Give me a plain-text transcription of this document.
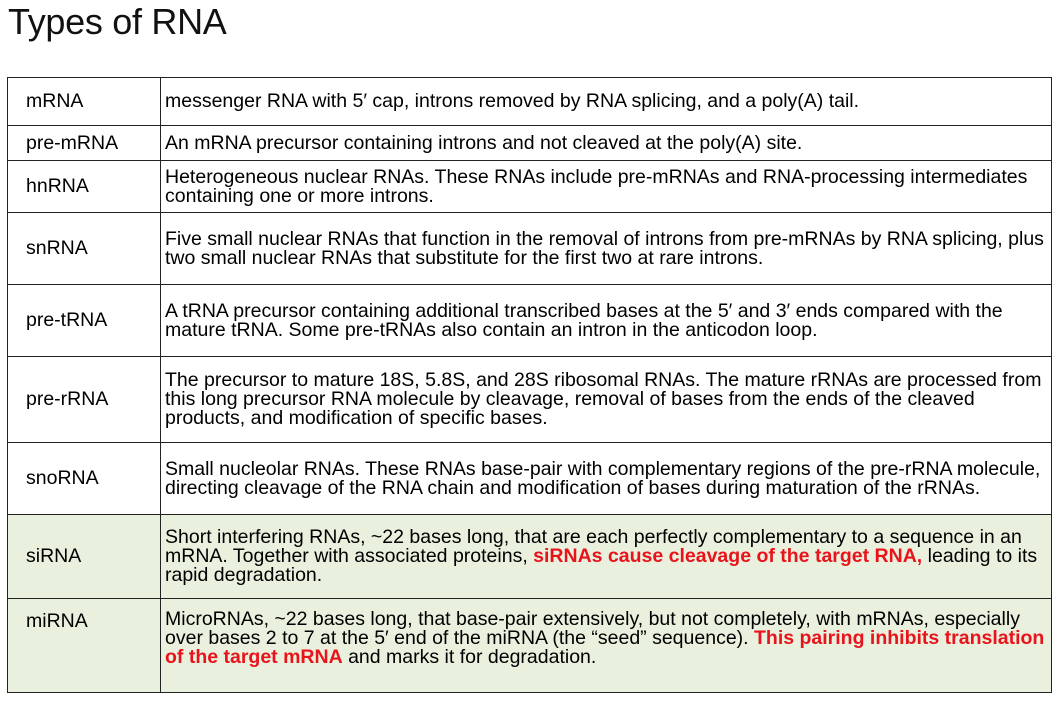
Types of RNA
mRNA	messenger RNA with 5′ cap, introns removed by RNA splicing, and a poly(A) tail.
pre-mRNA	An mRNA precursor containing introns and not cleaved at the poly(A) site.
hnRNA	Heterogeneous nuclear RNAs. These RNAs include pre-mRNAs and RNA-processing intermediates containing one or more introns.
snRNA	Five small nuclear RNAs that function in the removal of introns from pre-mRNAs by RNA splicing, plus two small nuclear RNAs that substitute for the first two at rare introns.
pre-tRNA	A tRNA precursor containing additional transcribed bases at the 5′ and 3′ ends compared with the mature tRNA. Some pre-tRNAs also contain an intron in the anticodon loop.
pre-rRNA	The precursor to mature 18S, 5.8S, and 28S ribosomal RNAs. The mature rRNAs are processed from this long precursor RNA molecule by cleavage, removal of bases from the ends of the cleaved products, and modification of specific bases.
snoRNA	Small nucleolar RNAs. These RNAs base-pair with complementary regions of the pre-rRNA molecule, directing cleavage of the RNA chain and modification of bases during maturation of the rRNAs.
siRNA	Short interfering RNAs, ~22 bases long, that are each perfectly complementary to a sequence in an mRNA. Together with associated proteins, siRNAs cause cleavage of the target RNA, leading to its rapid degradation.
miRNA	MicroRNAs, ~22 bases long, that base-pair extensively, but not completely, with mRNAs, especially over bases 2 to 7 at the 5′ end of the miRNA (the “seed” sequence). This pairing inhibits translation of the target mRNA and marks it for degradation.
